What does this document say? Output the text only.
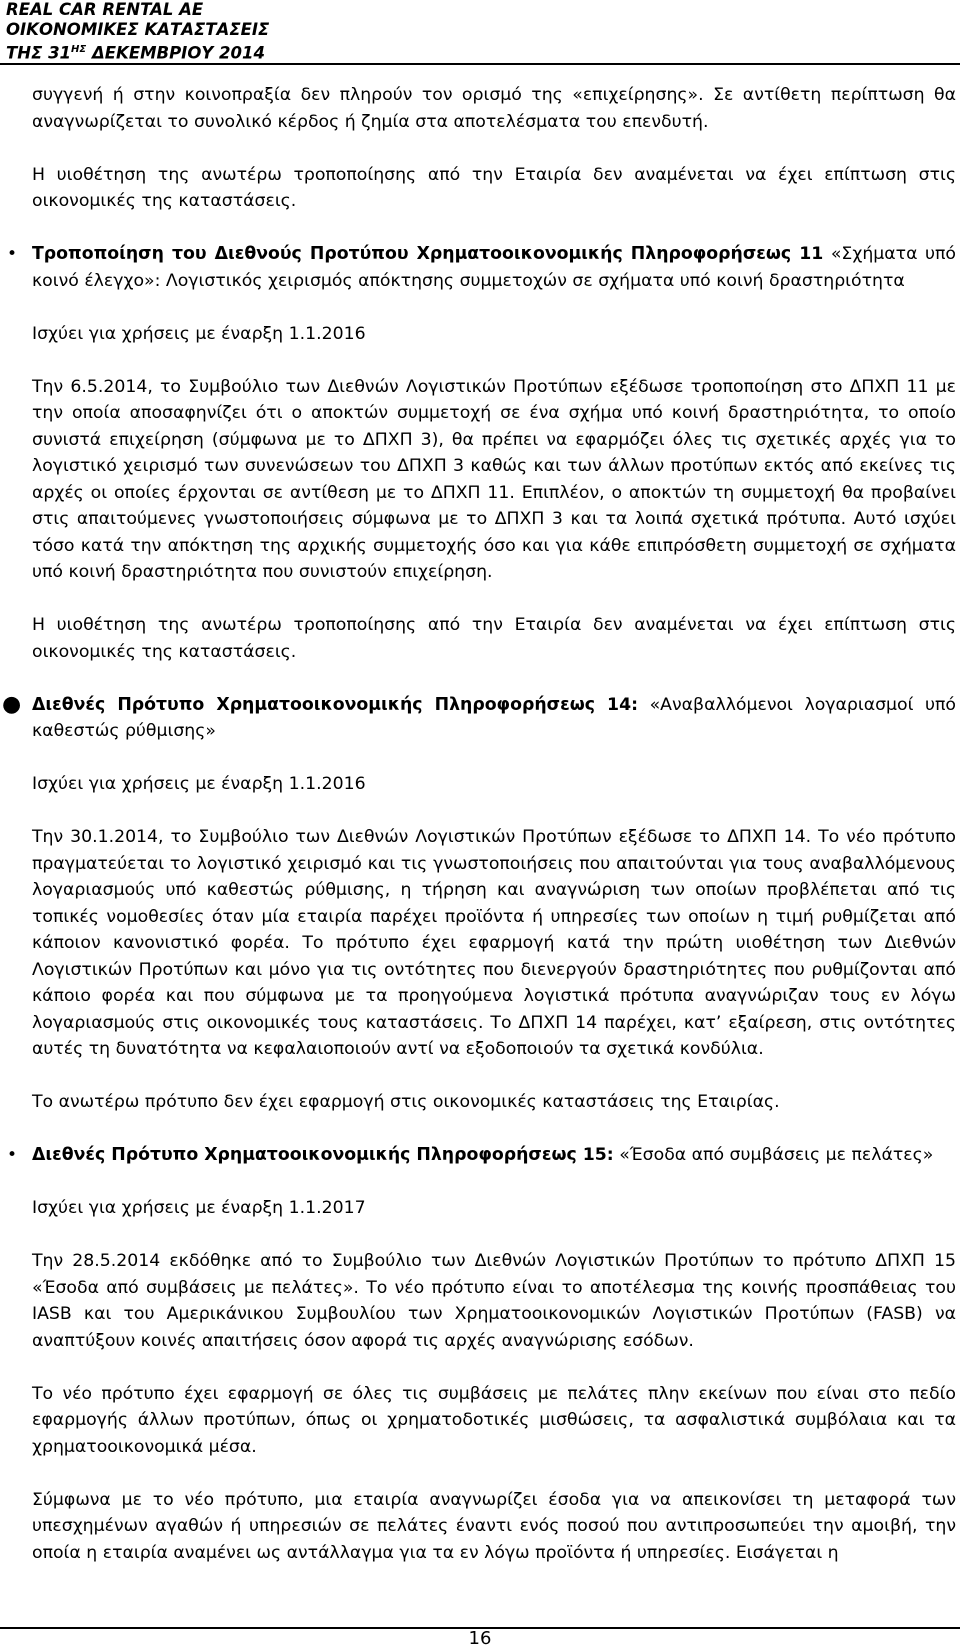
REAL CAR RENTAL ΑΕ
ΟΙΚΟΝΟΜΙΚΕΣ ΚΑΤΑΣΤΑΣΕΙΣ
ΤΗΣ $31^{H\Sigma}$ ΔΕΚΕΜΒΡΙΟΥ 2014

συγγενή ή στην κοινοπραξία δεν πληρούν τον ορισμό της «επιχείρησης». Σε αντίθετη περίπτωση θα αναγνωρίζεται το συνολικό κέρδος ή ζημία στα αποτελέσματα του επενδυτή.

Η υιοθέτηση της ανωτέρω τροποποίησης από την Εταιρία δεν αναμένεται να έχει επίπτωση στις οικονομικές της καταστάσεις.

• Τροποποίηση του Διεθνούς Προτύπου Χρηματοοικονομικής Πληροφορήσεως 11 «Σχήματα υπό κοινό έλεγχο»: Λογιστικός χειρισμός απόκτησης συμμετοχών σε σχήματα υπό κοινή δραστηριότητα

Ισχύει για χρήσεις με έναρξη 1.1.2016

Την 6.5.2014, το Συμβούλιο των Διεθνών Λογιστικών Προτύπων εξέδωσε τροποποίηση στο ΔΠΧΠ 11 με την οποία αποσαφηνίζει ότι ο αποκτών συμμετοχή σε ένα σχήμα υπό κοινή δραστηριότητα, το οποίο συνιστά επιχείρηση (σύμφωνα με το ΔΠΧΠ 3), θα πρέπει να εφαρμόζει όλες τις σχετικές αρχές για το λογιστικό χειρισμό των συνενώσεων του ΔΠΧΠ 3 καθώς και των άλλων προτύπων εκτός από εκείνες τις αρχές οι οποίες έρχονται σε αντίθεση με το ΔΠΧΠ 11. Επιπλέον, ο αποκτών τη συμμετοχή θα προβαίνει στις απαιτούμενες γνωστοποιήσεις σύμφωνα με το ΔΠΧΠ 3 και τα λοιπά σχετικά πρότυπα. Αυτό ισχύει τόσο κατά την απόκτηση της αρχικής συμμετοχής όσο και για κάθε επιπρόσθετη συμμετοχή σε σχήματα υπό κοινή δραστηριότητα που συνιστούν επιχείρηση.

Η υιοθέτηση της ανωτέρω τροποποίησης από την Εταιρία δεν αναμένεται να έχει επίπτωση στις οικονομικές της καταστάσεις.

● Διεθνές Πρότυπο Χρηματοοικονομικής Πληροφορήσεως 14: «Αναβαλλόμενοι λογαριασμοί υπό καθεστώς ρύθμισης»

Ισχύει για χρήσεις με έναρξη 1.1.2016

Την 30.1.2014, το Συμβούλιο των Διεθνών Λογιστικών Προτύπων εξέδωσε το ΔΠΧΠ 14. Το νέο πρότυπο πραγματεύεται το λογιστικό χειρισμό και τις γνωστοποιήσεις που απαιτούνται για τους αναβαλλόμενους λογαριασμούς υπό καθεστώς ρύθμισης, η τήρηση και αναγνώριση των οποίων προβλέπεται από τις τοπικές νομοθεσίες όταν μία εταιρία παρέχει προϊόντα ή υπηρεσίες των οποίων η τιμή ρυθμίζεται από κάποιον κανονιστικό φορέα. Το πρότυπο έχει εφαρμογή κατά την πρώτη υιοθέτηση των Διεθνών Λογιστικών Προτύπων και μόνο για τις οντότητες που διενεργούν δραστηριότητες που ρυθμίζονται από κάποιο φορέα και που σύμφωνα με τα προηγούμενα λογιστικά πρότυπα αναγνώριζαν τους εν λόγω λογαριασμούς στις οικονομικές τους καταστάσεις. Το ΔΠΧΠ 14 παρέχει, κατ’ εξαίρεση, στις οντότητες αυτές τη δυνατότητα να κεφαλαιοποιούν αντί να εξοδοποιούν τα σχετικά κονδύλια.

Το ανωτέρω πρότυπο δεν έχει εφαρμογή στις οικονομικές καταστάσεις της Εταιρίας.

• Διεθνές Πρότυπο Χρηματοοικονομικής Πληροφορήσεως 15: «Έσοδα από συμβάσεις με πελάτες»

Ισχύει για χρήσεις με έναρξη 1.1.2017

Την 28.5.2014 εκδόθηκε από το Συμβούλιο των Διεθνών Λογιστικών Προτύπων το πρότυπο ΔΠΧΠ 15 «Έσοδα από συμβάσεις με πελάτες». Το νέο πρότυπο είναι το αποτέλεσμα της κοινής προσπάθειας του IASB και του Αμερικάνικου Συμβουλίου των Χρηματοοικονομικών Λογιστικών Προτύπων (FASB) να αναπτύξουν κοινές απαιτήσεις όσον αφορά τις αρχές αναγνώρισης εσόδων.

Το νέο πρότυπο έχει εφαρμογή σε όλες τις συμβάσεις με πελάτες πλην εκείνων που είναι στο πεδίο εφαρμογής άλλων προτύπων, όπως οι χρηματοδοτικές μισθώσεις, τα ασφαλιστικά συμβόλαια και τα χρηματοοικονομικά μέσα.

Σύμφωνα με το νέο πρότυπο, μια εταιρία αναγνωρίζει έσοδα για να απεικονίσει τη μεταφορά των υπεσχημένων αγαθών ή υπηρεσιών σε πελάτες έναντι ενός ποσού που αντιπροσωπεύει την αμοιβή, την οποία η εταιρία αναμένει ως αντάλλαγμα για τα εν λόγω προϊόντα ή υπηρεσίες. Εισάγεται η

16
